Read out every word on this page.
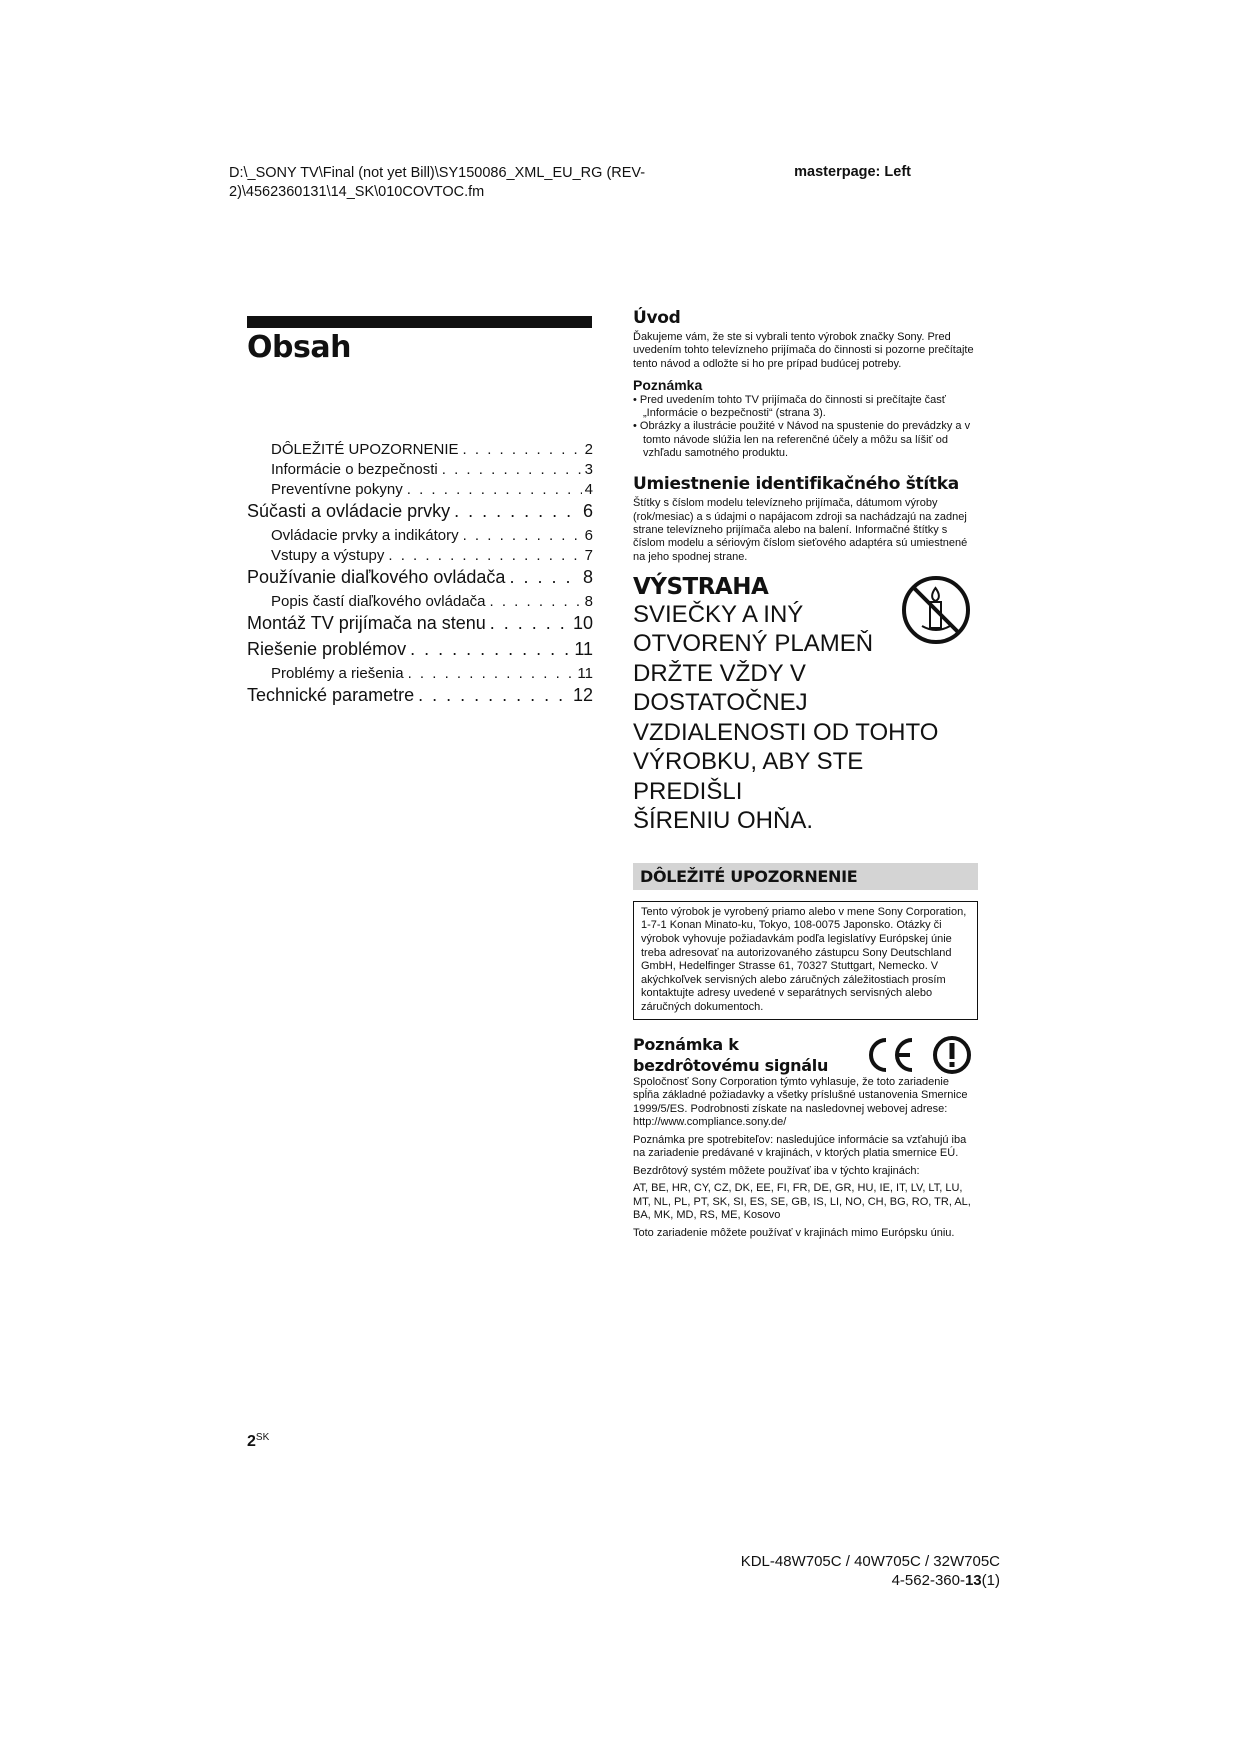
D:\_SONY TV\Final (not yet Bill)\SY150086_XML_EU_RG (REV-2)\4562360131\14_SK\010COVTOC.fm
masterpage: Left
Obsah
DÔLEŽITÉ UPOZORNENIE . . .	2
Informácie o bezpečnosti . . .	3
Preventívne pokyny . . .	4
Súčasti a ovládacie prvky . . .	6
Ovládacie prvky a indikátory . . .	6
Vstupy a výstupy . . .	7
Používanie diaľkového ovládača . . .	8
Popis častí diaľkového ovládača . . .	8
Montáž TV prijímača na stenu . . .	10
Riešenie problémov . . .	11
Problémy a riešenia . . .	11
Technické parametre . . .	12
Úvod

Ďakujeme vám, že ste si vybrali tento výrobok značky Sony. Pred uvedením tohto televízneho prijímača do činnosti si pozorne prečítajte tento návod a odložte si ho pre prípad budúcej potreby.

Poznámka
• Pred uvedením tohto TV prijímača do činnosti si prečítajte časť „Informácie o bezpečnosti“ (strana 3).
• Obrázky a ilustrácie použité v Návod na spustenie do prevádzky a v tomto návode slúžia len na referenčné účely a môžu sa líšiť od vzhľadu samotného produktu.
Umiestnenie identifikačného štítka

Štítky s číslom modelu televízneho prijímača, dátumom výroby (rok/mesiac) a s údajmi o napájacom zdroji sa nachádzajú na zadnej strane televízneho prijímača alebo na balení. Informačné štítky s číslom modelu a sériovým číslom sieťového adaptéra sú umiestnené na jeho spodnej strane.

VÝSTRAHA

SVIEČKY A INÝ
OTVORENÝ PLAMEŇ
DRŽTE VŽDY V DOSTATOČNEJ
VZDIALENOSTI OD TOHTO
VÝROBKU, ABY STE PREDIŠLI
ŠÍRENIU OHŇA.

DÔLEŽITÉ UPOZORNENIE
Tento výrobok je vyrobený priamo alebo v mene Sony Corporation, 1-7-1 Konan Minato-ku, Tokyo, 108-0075 Japonsko. Otázky či výrobok vyhovuje požiadavkám podľa legislatívy Európskej únie treba adresovať na autorizovaného zástupcu Sony Deutschland GmbH, Hedelfinger Strasse 61, 70327 Stuttgart, Nemecko. V akýchkoľvek servisných alebo záručných záležitostiach prosím kontaktujte adresy uvedené v separátnych servisných alebo záručných dokumentoch.

Poznámka k bezdrôtovému signálu

Spoločnosť Sony Corporation týmto vyhlasuje, že toto zariadenie spĺňa základné požiadavky a všetky príslušné ustanovenia Smernice 1999/5/ES. Podrobnosti získate na nasledovnej webovej adrese: http://www.compliance.sony.de/

Poznámka pre spotrebiteľov: nasledujúce informácie sa vzťahujú iba na zariadenie predávané v krajinách, v ktorých platia smernice EÚ.

Bezdrôtový systém môžete používať iba v týchto krajinách:

AT, BE, HR, CY, CZ, DK, EE, FI, FR, DE, GR, HU, IE, IT, LV, LT, LU, MT, NL, PL, PT, SK, SI, ES, SE, GB, IS, LI, NO, CH, BG, RO, TR, AL, BA, MK, MD, RS, ME, Kosovo

Toto zariadenie môžete používať v krajinách mimo Európsku úniu.

$2^{SK}$
KDL-48W705C / 40W705C / 32W705C
4-562-360-13(1)
